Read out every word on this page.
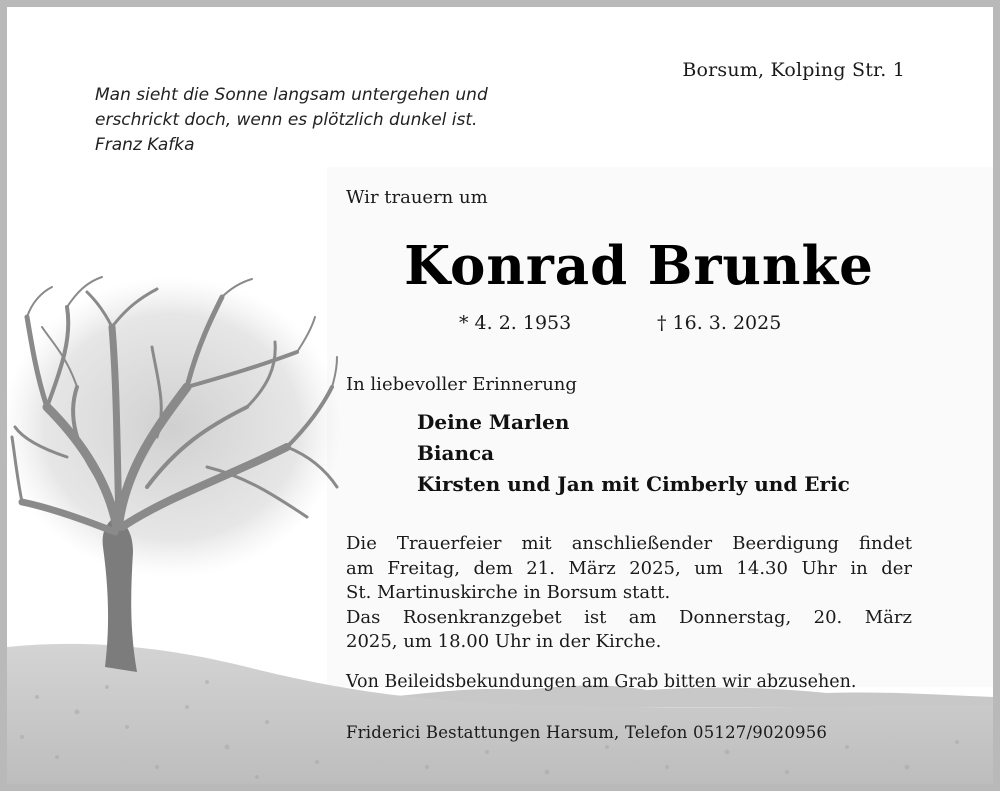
Borsum, Kolping Str. 1
Man sieht die Sonne langsam untergehen und
erschrickt doch, wenn es plötzlich dunkel ist.
Franz Kafka
Wir trauern um
Konrad Brunke
* 4. 2. 1953	† 16. 3. 2025
In liebevoller Erinnerung
Deine Marlen
Bianca
Kirsten und Jan mit Cimberly und Eric
Die Trauerfeier mit anschließender Beerdigung findet
am Freitag, dem 21. März 2025, um 14.30 Uhr in der
St. Martinuskirche in Borsum statt.
Das Rosenkranzgebet ist am Donnerstag, 20. März
2025, um 18.00 Uhr in der Kirche.
Von Beileidsbekundungen am Grab bitten wir abzusehen.
Friderici Bestattungen Harsum, Telefon 05127/9020956
